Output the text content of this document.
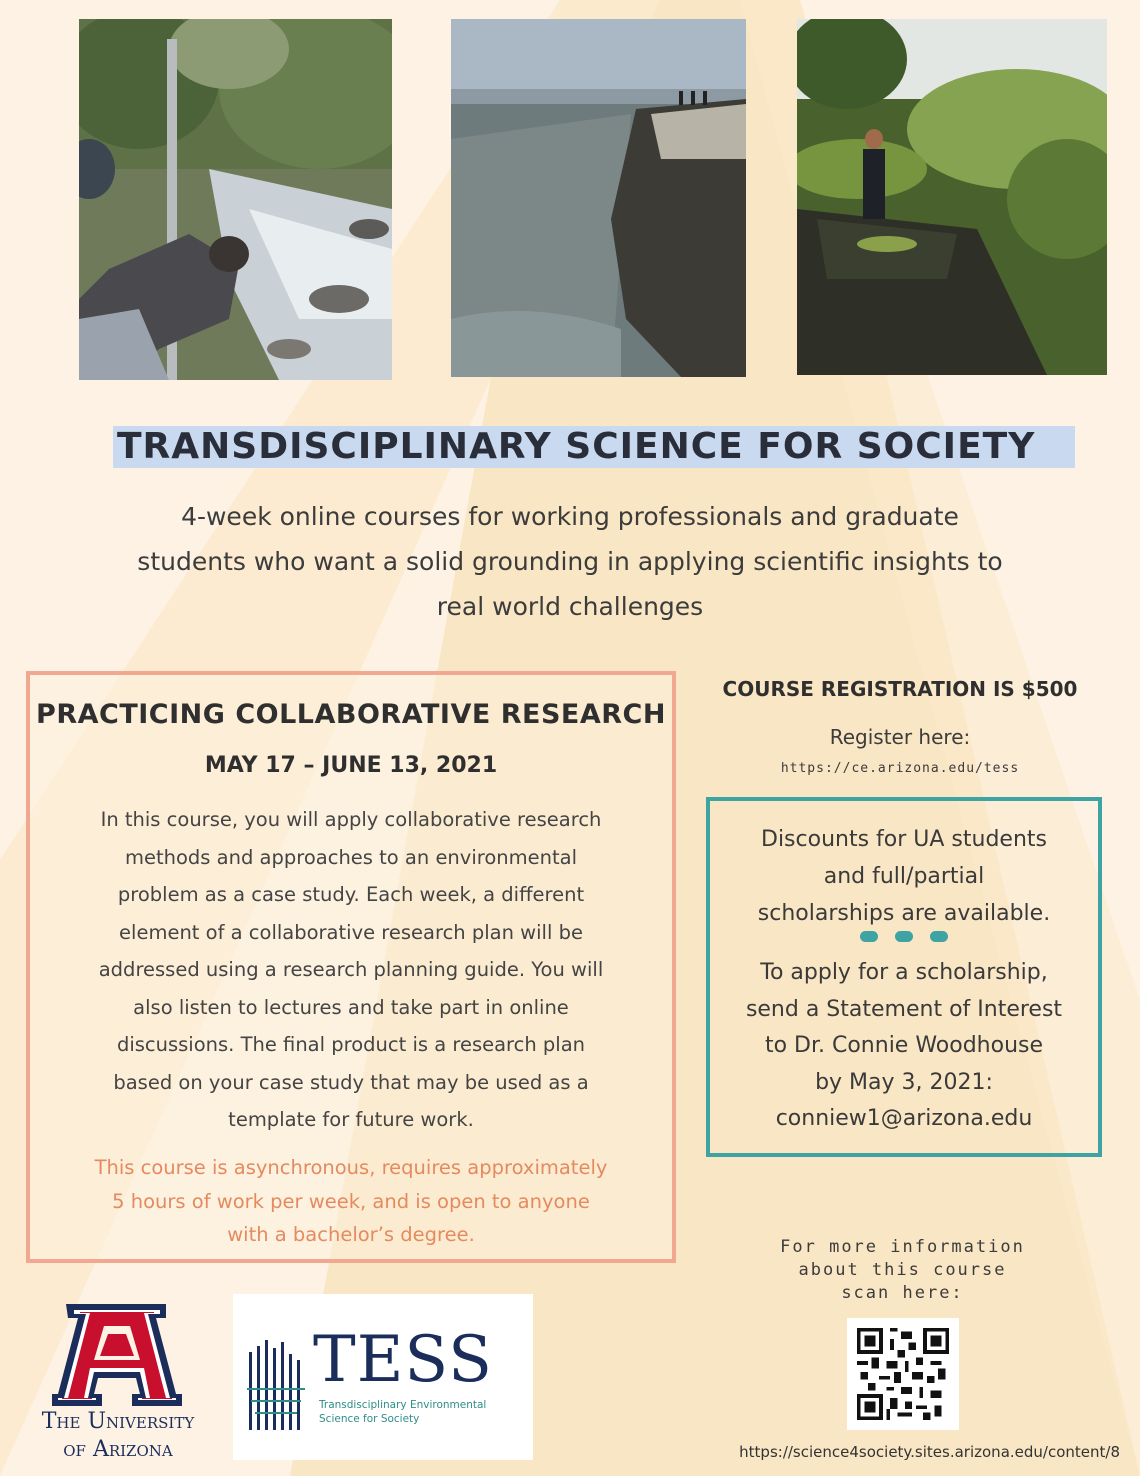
TRANSDISCIPLINARY SCIENCE FOR SOCIETY
4-week online courses for working professionals and graduate
students who want a solid grounding in applying scientific insights to
real world challenges
PRACTICING COLLABORATIVE RESEARCH
MAY 17 – JUNE 13, 2021
In this course, you will apply collaborative research
methods and approaches to an environmental
problem as a case study. Each week, a different
element of a collaborative research plan will be
addressed using a research planning guide. You will
also listen to lectures and take part in online
discussions. The final product is a research plan
based on your case study that may be used as a
template for future work.
This course is asynchronous, requires approximately
5 hours of work per week, and is open to anyone
with a bachelor’s degree.
COURSE REGISTRATION IS $500
Register here:
https://ce.arizona.edu/tess
Discounts for UA students
and full/partial
scholarships are available.
To apply for a scholarship,
send a Statement of Interest
to Dr. Connie Woodhouse
by May 3, 2021:
conniew1@arizona.edu
For more information
about this course
scan here:
https://science4society.sites.arizona.edu/content/8
The University
of Arizona
TESS
Transdisciplinary Environmental
Science for Society
